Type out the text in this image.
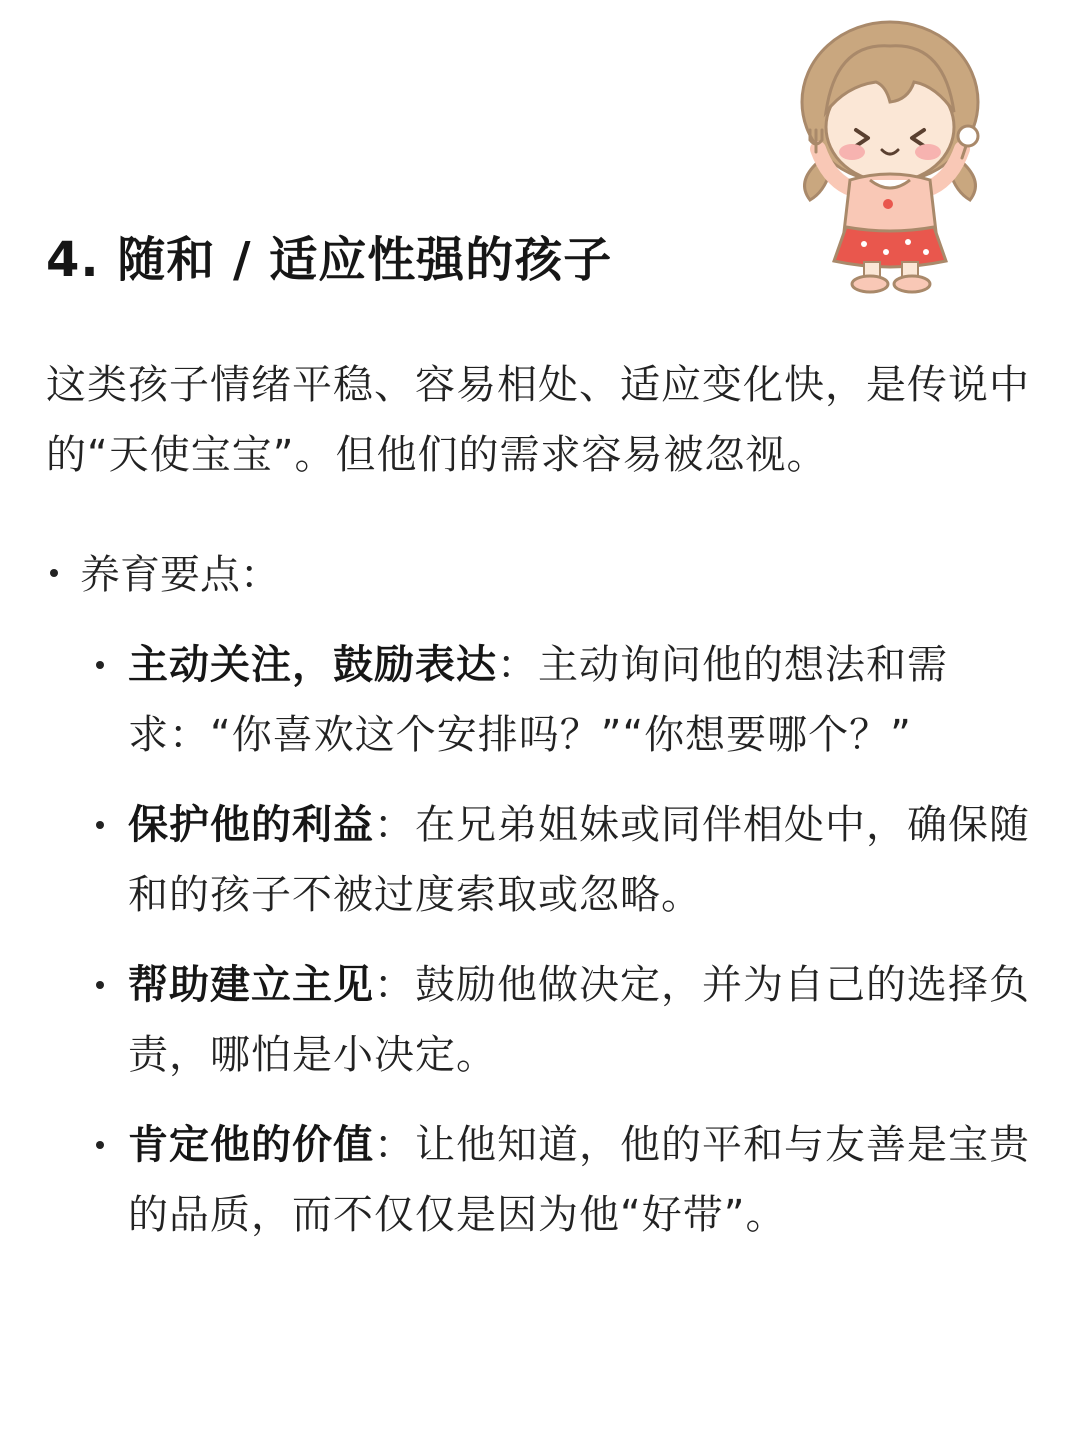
4. 随和 / 适应性强的孩子

这类孩子情绪平稳、容易相处、适应变化快，是传说中的“天使宝宝”。但他们的需求容易被忽视。

养育要点：

主动关注，鼓励表达：主动询问他的想法和需求：“你喜欢这个安排吗？”“你想要哪个？”
保护他的利益：在兄弟姐妹或同伴相处中，确保随和的孩子不被过度索取或忽略。
帮助建立主见：鼓励他做决定，并为自己的选择负责，哪怕是小决定。
肯定他的价值：让他知道，他的平和与友善是宝贵的品质，而不仅仅是因为他“好带”。
